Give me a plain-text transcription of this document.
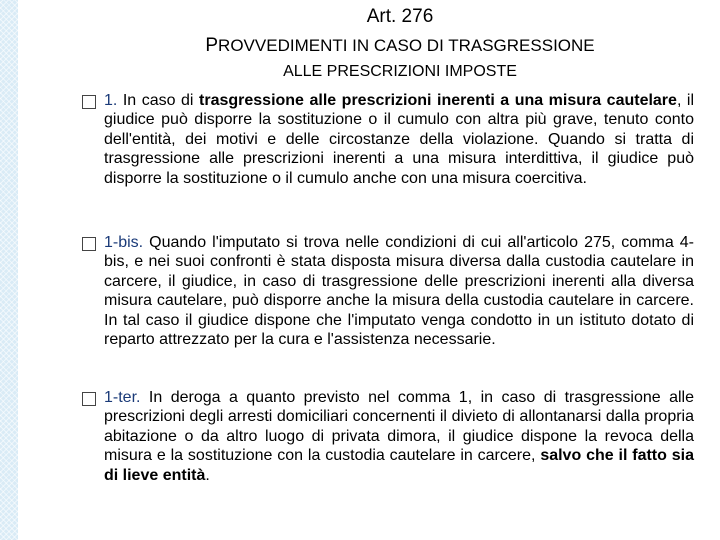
Art. 276
PROVVEDIMENTI IN CASO DI TRASGRESSIONE
ALLE PRESCRIZIONI IMPOSTE
1. In caso di trasgressione alle prescrizioni inerenti a una misura cautelare, il giudice può disporre la sostituzione o il cumulo con altra più grave, tenuto conto dell'entità, dei motivi e delle circostanze della violazione. Quando si tratta di trasgressione alle prescrizioni inerenti a una misura interdittiva, il giudice può disporre la sostituzione o il cumulo anche con una misura coercitiva.
1-bis. Quando l'imputato si trova nelle condizioni di cui all'articolo 275, comma 4-bis, e nei suoi confronti è stata disposta misura diversa dalla custodia cautelare in carcere, il giudice, in caso di trasgressione delle prescrizioni inerenti alla diversa misura cautelare, può disporre anche la misura della custodia cautelare in carcere. In tal caso il giudice dispone che l'imputato venga condotto in un istituto dotato di reparto attrezzato per la cura e l'assistenza necessarie.
1-ter. In deroga a quanto previsto nel comma 1, in caso di trasgressione alle prescrizioni degli arresti domiciliari concernenti il divieto di allontanarsi dalla propria abitazione o da altro luogo di privata dimora, il giudice dispone la revoca della misura e la sostituzione con la custodia cautelare in carcere, salvo che il fatto sia di lieve entità.
